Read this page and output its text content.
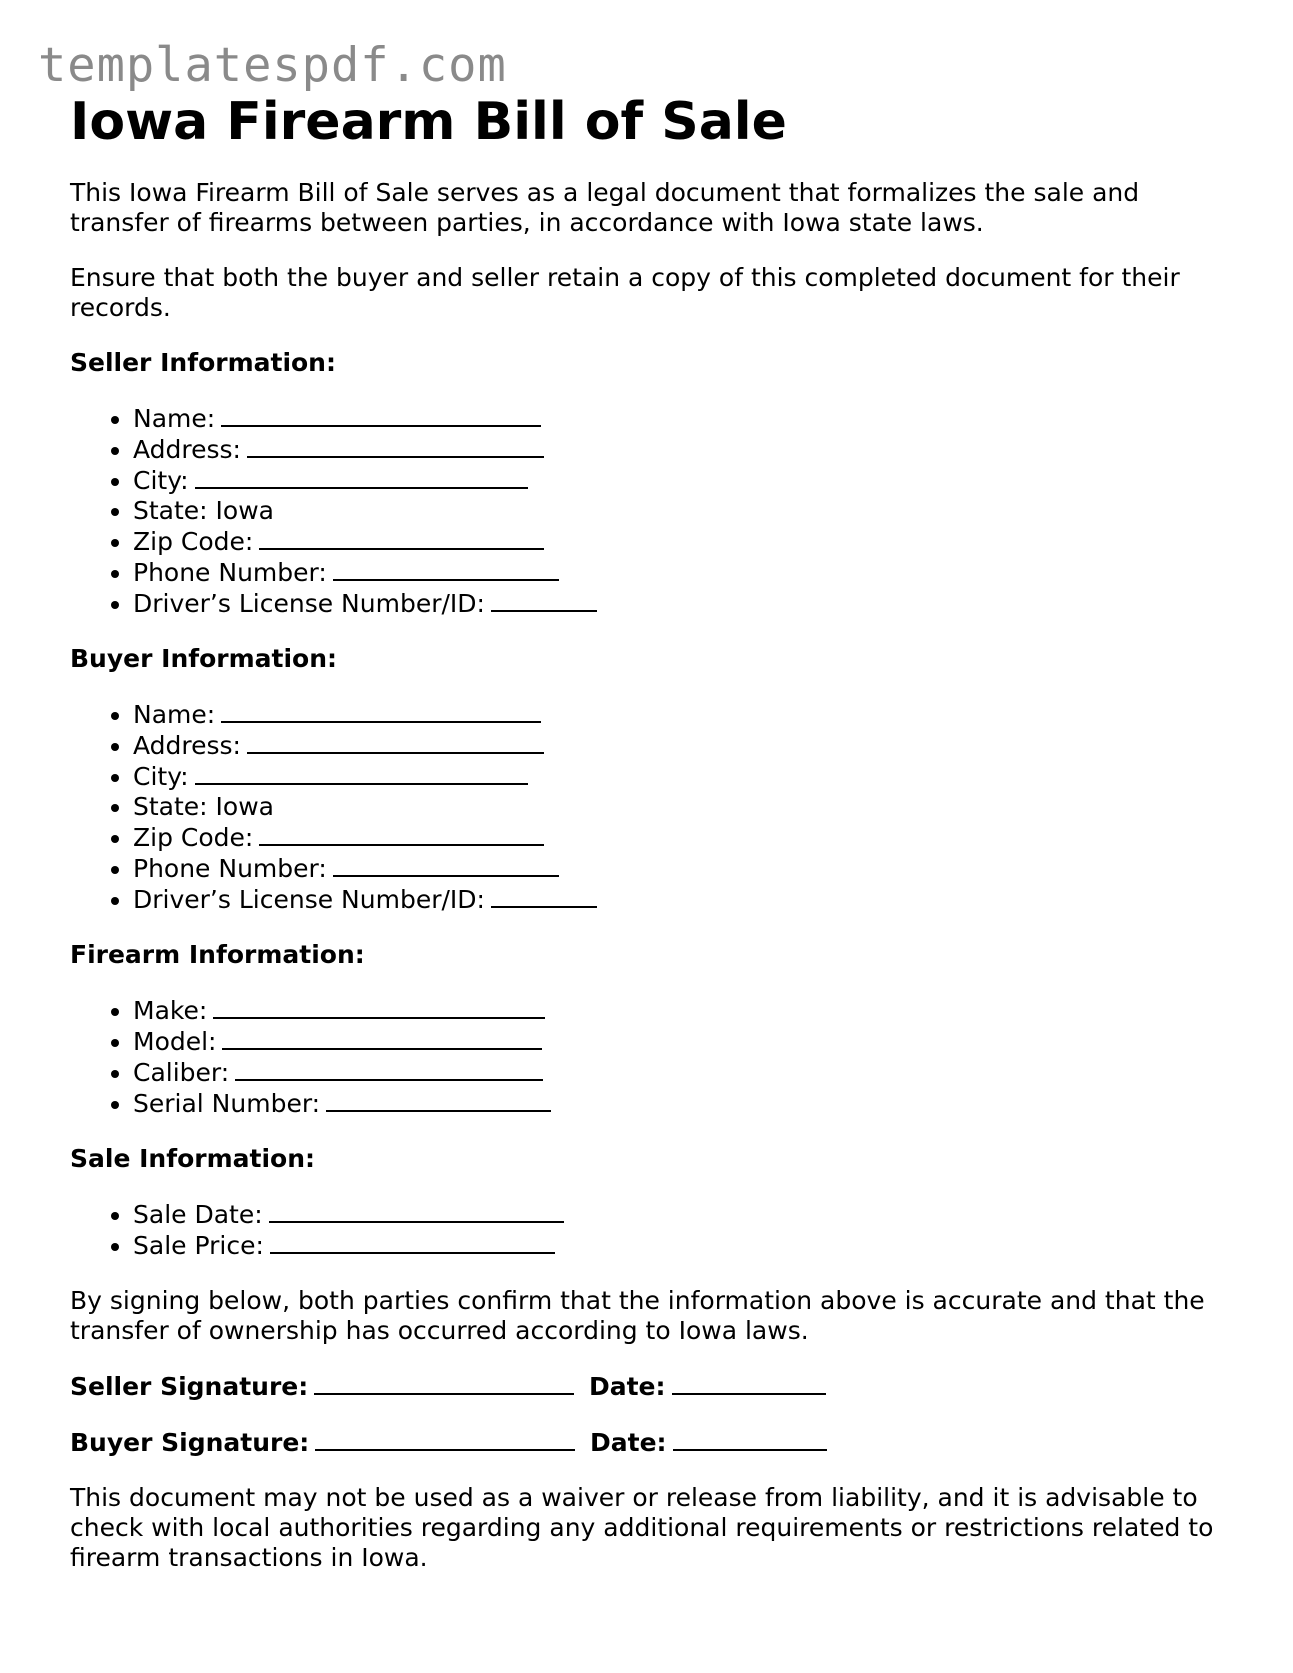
templatespdf.com
Iowa Firearm Bill of Sale

This Iowa Firearm Bill of Sale serves as a legal document that formalizes the sale and transfer of firearms between parties, in accordance with Iowa state laws.

Ensure that both the buyer and seller retain a copy of this completed document for their records.

Seller Information:

• Name:
• Address:
• City:
• State: Iowa
• Zip Code:
• Phone Number:
• Driver’s License Number/ID:

Buyer Information:

• Name:
• Address:
• City:
• State: Iowa
• Zip Code:
• Phone Number:
• Driver’s License Number/ID:

Firearm Information:

• Make:
• Model:
• Caliber:
• Serial Number:

Sale Information:

• Sale Date:
• Sale Price:

By signing below, both parties confirm that the information above is accurate and that the transfer of ownership has occurred according to Iowa laws.

Seller Signature:	Date:

Buyer Signature:	Date:

This document may not be used as a waiver or release from liability, and it is advisable to check with local authorities regarding any additional requirements or restrictions related to firearm transactions in Iowa.
